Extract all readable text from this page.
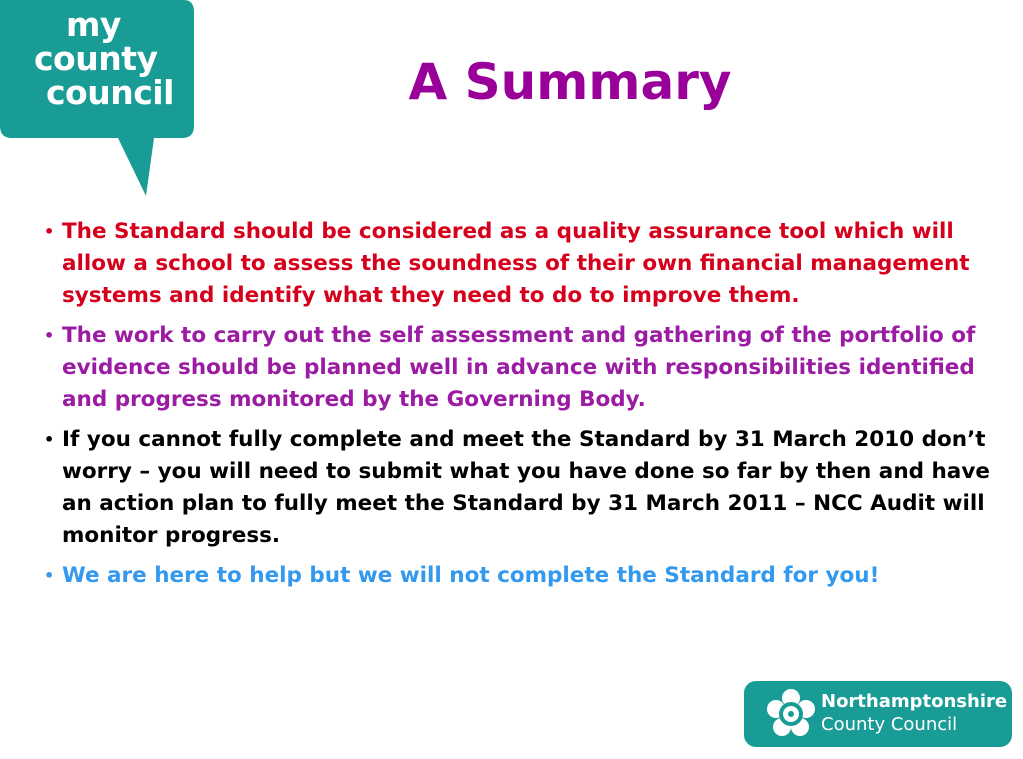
my
county
council	A Summary
• The Standard should be considered as a quality assurance tool which will allow a school to assess the soundness of their own financial management systems and identify what they need to do to improve them.
• The work to carry out the self assessment and gathering of the portfolio of evidence should be planned well in advance with responsibilities identified and progress monitored by the Governing Body.
• If you cannot fully complete and meet the Standard by 31 March 2010 don’t worry – you will need to submit what you have done so far by then and have an action plan to fully meet the Standard by 31 March 2011 – NCC Audit will monitor progress.
• We are here to help but we will not complete the Standard for you!
Northamptonshire
County Council
